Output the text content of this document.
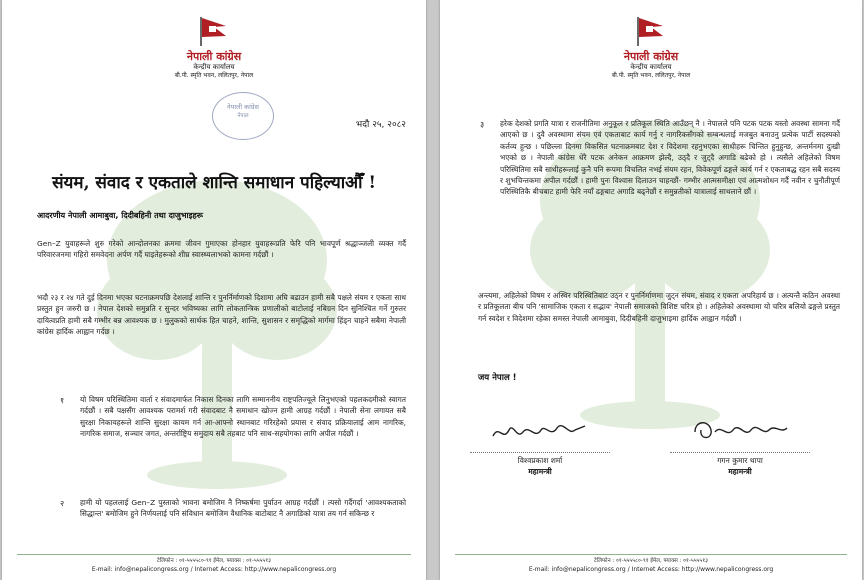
नेपाली कांग्रेस
केन्द्रीय कार्यालय
बी.पी. स्मृति भवन, ललितपुर, नेपाल
नेपाली कांग्रेस
नेपाल
भदौ २५, २०८२
संयम, संवाद र एकताले शान्ति समाधान पहिल्याऔँ !
आदरणीय नेपाली आमाबुवा, दिदीबहिनी तथा दाजुभाइहरू

Gen–Z युवाहरूले शुरु गरेको आन्दोलनका क्रममा जीवन गुमाएका होनहार युवाहरूप्रति फेरि पनि भावपूर्ण श्रद्धाञ्जली व्यक्त गर्दै परिवारजनमा गहिरो समवेदना अर्पण गर्दै घाइतेहरूको शीघ्र स्वास्थ्यलाभको कामना गर्दछौं ।

भदौ २३ र २४ गते दुई दिनमा भएका घटनाक्रमपछि देशलाई शान्ति र पुनर्निर्माणको दिशामा अघि बढाउन हामी सबै पक्षले संयम र एकता साथ प्रस्तुत हुन जरुरी छ । नेपाल देशको समुन्नति र सुन्दर भविष्यका लागि लोकतान्त्रिक प्रणालीको बाटोलाई नबिग्रन दिन सुनिश्चित गर्ने गुरुतर दायित्वप्रति हामी सबै गम्भीर बन्न आवश्यक छ । मुलुकको सार्थक हित चाहने, शान्ति, सुशासन र समृद्धिको मार्गमा हिंड्न चाहने सबैमा नेपाली कांग्रेस हार्दिक आह्वान गर्दछ ।

१ यो विषम परिस्थितिमा वार्ता र संवादमार्फत निकास दिनका लागि सम्माननीय राष्ट्रपतिज्यूले लिनुभएको पहलकदमीको स्वागत गर्दछौं । सबै पक्षसँग आवश्यक परामर्श गरी संवादबाट नै समाधान खोज्न हामी आग्रह गर्दछौं । नेपाली सेना लगायत सबै सुरक्षा निकायहरूले शान्ति सुरक्षा कायम गर्न आ-आफ्नो स्थानबाट गरिरहेको प्रयास र संवाद प्रक्रियालाई आम नागरिक, नागरिक समाज, सञ्चार जगत, अन्तर्राष्ट्रिय समुदाय सबै तहबाट पनि साथ-सहयोगका लागि अपील गर्दछौं ।

२ हामी यो पहललाई Gen–Z पुस्ताको भावना बमोजिम नै निष्कर्षमा पुर्याउन आग्रह गर्दछौं । त्यसो गर्दैगर्दा 'आवश्यकताको सिद्धान्त' बमोजिम हुने निर्णयलाई पनि संविधान बमोजिम वैधानिक बाटोबाट नै अगाडिको यात्रा तय गर्न सकिन्छ र

टेलिफोन : ०१-५५५५८०-९१ ईमेल, फ्याक्स : ०१-५५५५१३
E-mail: info@nepalicongress.org / Internet Access: http://www.nepalicongress.org
नेपाली कांग्रेस
केन्द्रीय कार्यालय
बी.पी. स्मृति भवन, ललितपुर, नेपाल
३ हरेक देशको प्रगति यात्रा र राजनीतिमा अनुकूल र प्रतिकूल स्थिति आउँछन् नै । नेपालले पनि पटक पटक यस्तो अवस्था सामना गर्दै आएको छ । दुवै अवस्थामा संयम एवं एकताबाट कार्य गर्नु र नागरिकसँगको सम्बन्धलाई मजबुत बनाउनु प्रत्येक पार्टी सदस्यको कर्तव्य हुन्छ । पछिल्ला दिनमा विकसित घटनाक्रमबाट देश र विदेशमा रहनुभएका साथीहरू चिन्तित हुनुहुन्छ, अन्तर्मनमा दुःखी भएको छ । नेपाली कांग्रेस धेरै पटक अनेकन आक्रमण झेल्दै, उठ्दै र जुट्दै अगाडि बढेको हो । त्यसैले अहिलेको विषम परिस्थितिमा सबै साथीहरूलाई कुनै पनि रूपमा विचलित नभई संयम रहन, विवेकपूर्ण ढङ्गले कार्य गर्न र एकताबद्ध रहन सबै सदस्य र शुभचिन्तकमा अपील गर्दछौं । हामी पुनः विश्वास दिलाउन चाहन्छौं- गम्भीर आत्मसमीक्षा एवं आत्मशोधन गर्दै नवीन र चुनौतीपूर्ण परिस्थितिकै बीचबाट हामी फेरि नयाँ ढङ्गबाट अगाडि बढ्नेछौं र समुन्नतीको यात्रालाई साथलाने छौं ।

अन्त्यमा, अहिलेको विषम र अस्थिर परिस्थितिबाट उठ्न र पुनर्निर्माणमा जुट्न संयम, संवाद र एकता अपरिहार्य छ । अत्यन्तै कठिन अवस्था र प्रतिकूलता बीच पनि 'सामाजिक एकता र सद्भाव' नेपाली समाजको विशिष्ट चरित्र हो । अहिलेको अवस्थामा यो चरित्र बलियो ढङ्गले प्रस्तुत गर्न स्वदेश र विदेशमा रहेका समस्त नेपाली आमाबुवा, दिदीबहिनी दाजुभाइमा हार्दिक आह्वान गर्दछौं ।

जय नेपाल !
विश्वप्रकाश शर्मा
महामन्त्री
गगन कुमार थापा
महामन्त्री
टेलिफोन : ०१-५५५५८०-९१ ईमेल, फ्याक्स : ०१-५५५५१३
E-mail: info@nepalicongress.org / Internet Access: http://www.nepalicongress.org
